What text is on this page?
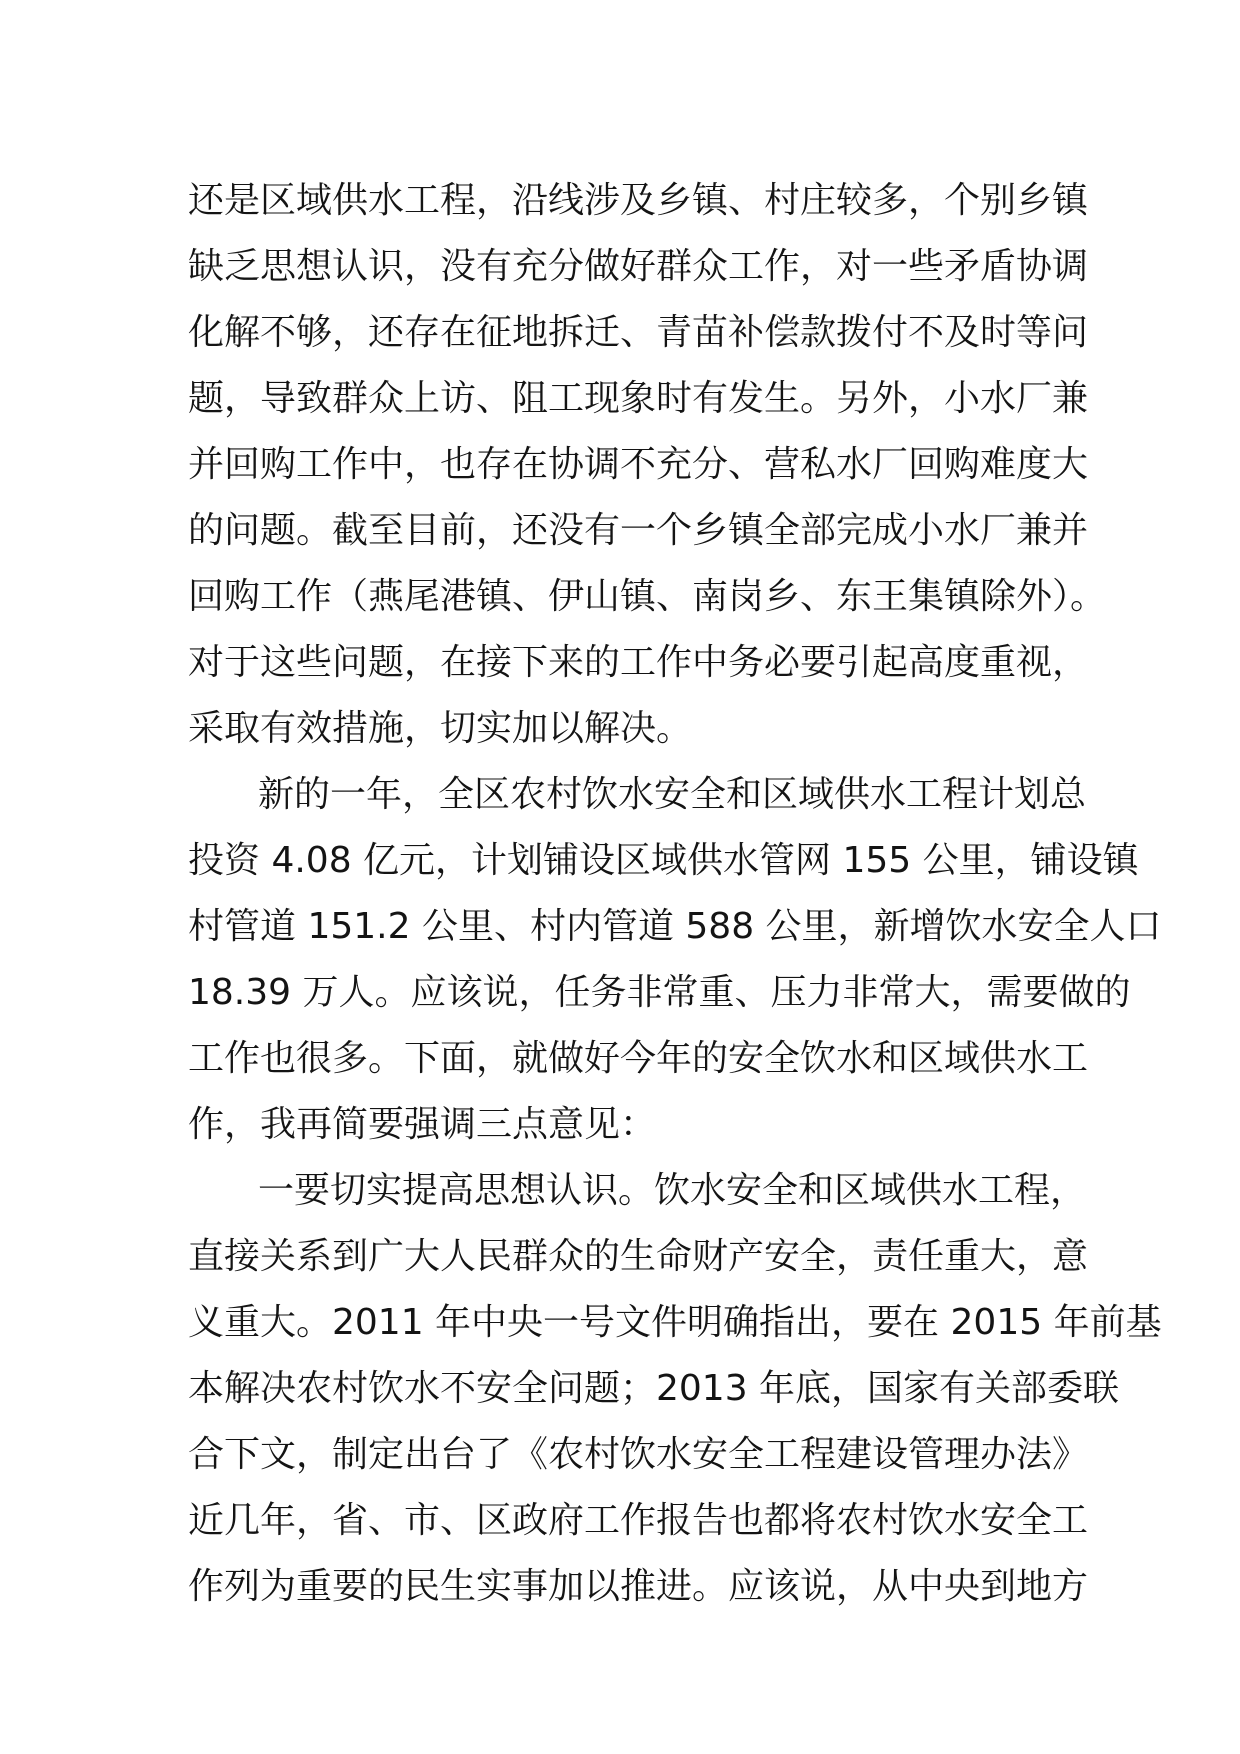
还是区域供水工程，沿线涉及乡镇、村庄较多，个别乡镇
缺乏思想认识，没有充分做好群众工作，对一些矛盾协调
化解不够，还存在征地拆迁、青苗补偿款拨付不及时等问
题，导致群众上访、阻工现象时有发生。另外，小水厂兼
并回购工作中，也存在协调不充分、营私水厂回购难度大
的问题。截至目前，还没有一个乡镇全部完成小水厂兼并
回购工作（燕尾港镇、伊山镇、南岗乡、东王集镇除外）。
对于这些问题，在接下来的工作中务必要引起高度重视，
采取有效措施，切实加以解决。
新的一年，全区农村饮水安全和区域供水工程计划总
投资 4.08 亿元，计划铺设区域供水管网 155 公里，铺设镇
村管道 151.2 公里、村内管道 588 公里，新增饮水安全人口
18.39 万人。应该说，任务非常重、压力非常大，需要做的
工作也很多。下面，就做好今年的安全饮水和区域供水工
作，我再简要强调三点意见：
一要切实提高思想认识。饮水安全和区域供水工程，
直接关系到广大人民群众的生命财产安全，责任重大，意
义重大。2011 年中央一号文件明确指出，要在 2015 年前基
本解决农村饮水不安全问题；2013 年底，国家有关部委联
合下文，制定出台了《农村饮水安全工程建设管理办法》
近几年，省、市、区政府工作报告也都将农村饮水安全工
作列为重要的民生实事加以推进。应该说，从中央到地方
